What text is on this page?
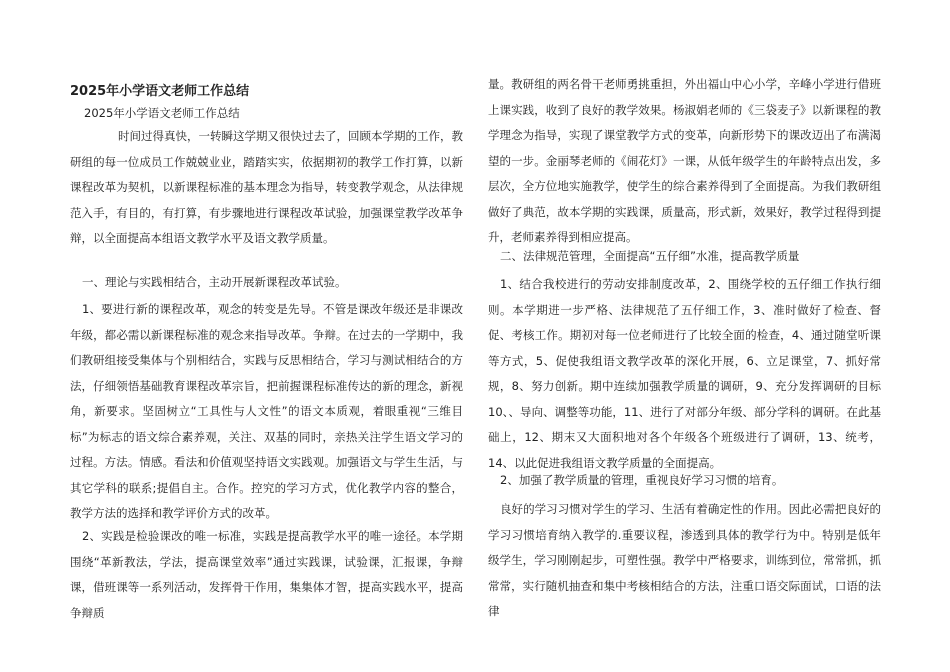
2025年小学语文老师工作总结
2025年小学语文老师工作总结

时间过得真快，一转瞬这学期又很快过去了，回顾本学期的工作，教研组的每一位成员工作兢兢业业，踏踏实实，依据期初的教学工作打算，以新课程改革为契机，以新课程标准的基本理念为指导，转变教学观念，从法律规范入手，有目的，有打算，有步骤地进行课程改革试验，加强课堂教学改革争辩，以全面提高本组语文教学水平及语文教学质量。

一、理论与实践相结合，主动开展新课程改革试验。

1、要进行新的课程改革，观念的转变是先导。不管是课改年级还是非课改年级，都必需以新课程标准的观念来指导改革。争辩。在过去的一学期中，我们教研组接受集体与个别相结合，实践与反思相结合，学习与测试相结合的方法，仔细领悟基础教育课程改革宗旨，把前握课程标准传达的新的理念，新视角，新要求。坚固树立“工具性与人文性”的语文本质观，着眼重视“三维目标”为标志的语文综合素养观，关注、双基的同时，亲热关注学生语文学习的过程。方法。情感。看法和价值观坚持语文实践观。加强语文与学生生活，与其它学科的联系;提倡自主。合作。控究的学习方式，优化教学内容的整合，教学方法的选择和教学评价方式的改革。

2、实践是检验课改的唯一标准，实践是提高教学水平的唯一途径。本学期围绕“革新教法，学法，提高课堂效率”通过实践课，试验课，汇报课，争辩课，借班课等一系列活动，发挥骨干作用，集集体才智，提高实践水平，提高争辩质

量。教研组的两名骨干老师勇挑重担，外出福山中心小学，辛峰小学进行借班上课实践，收到了良好的教学效果。杨淑娟老师的《三袋麦子》以新课程的教学理念为指导，实现了课堂教学方式的变革，向新形势下的课改迈出了布满渴望的一步。金丽琴老师的《闹花灯》一课，从低年级学生的年龄特点出发，多层次，全方位地实施教学，使学生的综合素养得到了全面提高。为我们教研组做好了典范，故本学期的实践课，质量高，形式新，效果好，教学过程得到提升，老师素养得到相应提高。

二、法律规范管理，全面提高“五仔细”水准，提高教学质量

1、结合我校进行的劳动安排制度改革，2、围绕学校的五仔细工作执行细则。本学期进一步严格、法律规范了五仔细工作，3、准时做好了检查、督促、考核工作。期初对每一位老师进行了比较全面的检查，4、通过随堂听课等方式，5、促使我组语文教学改革的深化开展，6、立足课堂，7、抓好常规，8、努力创新。期中连续加强教学质量的调研，9、充分发挥调研的目标10、、导向、调整等功能，11、进行了对部分年级、部分学科的调研。在此基础上，12、期末又大面积地对各个年级各个班级进行了调研，13、统考，14、以此促进我组语文教学质量的全面提高。

2、加强了教学质量的管理，重视良好学习习惯的培育。

良好的学习习惯对学生的学习、生活有着确定性的作用。因此必需把良好的学习习惯培育纳入教学的.重要议程，渗透到具体的教学行为中。特别是低年级学生，学习刚刚起步，可塑性强。教学中严格要求，训练到位，常常抓，抓常常，实行随机抽查和集中考核相结合的方法，注重口语交际面试，口语的法律
